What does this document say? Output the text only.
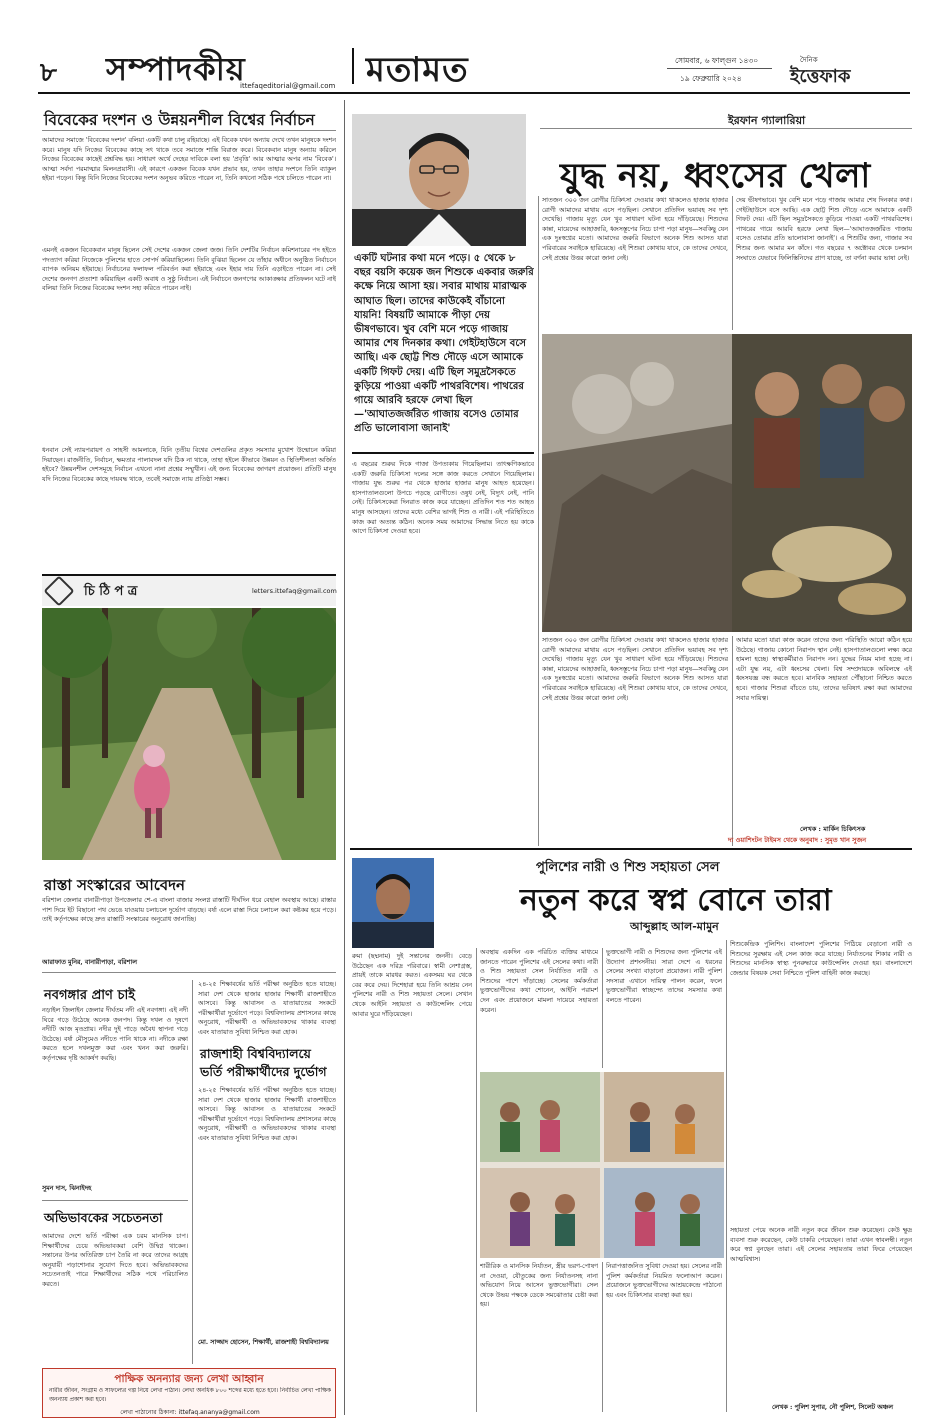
৮ সম্পাদকীয়
ittefaqeditorial@gmail.com মতামত	সোমবার, ৬ ফাল্গুন ১৪৩০
১৯ ফেব্রুয়ারি ২০২৪
দৈনিক
ইত্তেফাক
বিবেকের দংশন ও উন্নয়নশীল বিশ্বের নির্বাচন
আমাদের সমাজে 'বিবেকের দংশন' বলিয়া একটি কথা চালু রহিয়াছে। এই বিবেক যখন অন্যায় দেখে তখন মানুষকে দংশন করে। মানুষ যদি নিজের বিবেকের কাছে সৎ থাকে তবে সমাজে শান্তি বিরাজ করে। বিবেকবান মানুষ অন্যায় করিলে নিজের বিবেকের কাছেই প্রশ্নবিদ্ধ হয়। সাধারণ অর্থে দেহের দাবিকে বলা হয় 'প্রবৃত্তি' আর আত্মার অপর নাম 'বিবেক'। আত্মা সর্বদা পরমাত্মার মিলনপ্রয়াসী। এই কারণে একজন বিবেক যখন প্রভাব হয়, তখন তাহার দংশনে তিনি ব্যাকুল হইয়া পড়েন। কিন্তু যিনি নিজের বিবেকের দংশন অনুভব করিতে পারেন না, তিনি কখনো সঠিক পথে চলিতে পারেন না।
এমনই একজন বিবেকবান মানুষ ছিলেন সেই দেশের একজন জেলা জজ। তিনি দেশটির নির্বাচন কমিশনারের পদ হইতে পদত্যাগ করিয়া নিজেকে পুলিশের হাতে সোপর্দ করিয়াছিলেন। তিনি বুঝিয়া ছিলেন যে তাঁহার অধীনে অনুষ্ঠিত নির্বাচনে ব্যাপক অনিয়ম হইয়াছে। নির্বাচনের ফলাফল পরিবর্তন করা হইয়াছে এবং ইহার দায় তিনি এড়াইতে পারেন না। সেই দেশের জনগণ প্রত্যাশা করিয়াছিল একটি অবাধ ও সুষ্ঠু নির্বাচন। এই নির্বাচনে জনগণের আকাঙ্ক্ষার প্রতিফলন ঘটে নাই বলিয়া তিনি নিজের বিবেকের দংশন সহ্য করিতে পারেন নাই।
ধনবান সেই ন্যায়পরায়ণ ও সাহসী আমলাকে, যিনি তৃতীয় বিশ্বের দেশগুলির প্রকৃত সমস্যার মুখোশ উন্মোচন করিয়া দিয়াছেন। রাজনীতি, নির্বাচন, ক্ষমতার পালাবদল যদি ঠিক না থাকে, তাহা হইলে কীভাবে উন্নয়ন ও স্থিতিশীলতা অর্জিত হইবে? উন্নয়নশীল দেশসমূহে নির্বাচন এখনো নানা প্রশ্নের সম্মুখীন। এই জন্য বিবেকের জাগরণ প্রয়োজন। প্রতিটি মানুষ যদি নিজের বিবেকের কাছে দায়বদ্ধ থাকে, তবেই সমাজে ন্যায় প্রতিষ্ঠা সম্ভব।
চি ঠি প ত্র	letters.ittefaq@gmail.com
রাস্তা সংস্কারের আবেদন
বরিশাল জেলার বানারীপাড়া উপজেলার শে-এ বাংলা বাজার সংলগ্ন রাস্তাটি দীর্ঘদিন ধরে বেহাল অবস্থায় আছে। রাস্তার পাশ দিয়ে ইট বিছানো পথ ভেঙে যাওয়ায় চলাচলে দুর্ভোগ বাড়ছে। বর্ষা এলে রাস্তা দিয়ে চলাচল করা কষ্টকর হয়ে পড়ে। তাই কর্তৃপক্ষের কাছে দ্রুত রাস্তাটি সংস্কারের অনুরোধ জানাচ্ছি।
আরাফাত মুনির, বানারীপাড়া, বরিশাল
নবগঙ্গার প্রাণ চাই
নড়াইল জিলাইন জেলার দীর্ঘতম নদী এই নবগঙ্গা। এই নদী ঘিরে গড়ে উঠেছে অনেক জনপদ। কিন্তু দখল ও দূষণে নদীটি আজ মৃতপ্রায়। নদীর দুই পাড়ে অবৈধ স্থাপনা গড়ে উঠেছে। বর্ষা মৌসুমেও নদীতে পানি থাকে না। নদীকে রক্ষা করতে হলে দখলমুক্ত করা এবং খনন করা জরুরি। কর্তৃপক্ষের দৃষ্টি আকর্ষণ করছি।
সুমন দাস, ঝিনাইদহ
অভিভাবকের সচেতনতা
আমাদের দেশে ভর্তি পরীক্ষা এক চরম মানসিক চাপ। শিক্ষার্থীদের চেয়ে অভিভাবকরা বেশি উদ্বিগ্ন থাকেন। সন্তানের উপর অতিরিক্ত চাপ তৈরি না করে তাদের আগ্রহ অনুযায়ী পড়াশোনার সুযোগ দিতে হবে। অভিভাবকদের সচেতনতাই পারে শিক্ষার্থীদের সঠিক পথে পরিচালিত করতে।
২৪-২৫ শিক্ষাবর্ষের ভর্তি পরীক্ষা অনুষ্ঠিত হতে যাচ্ছে। সারা দেশ থেকে হাজার হাজার শিক্ষার্থী রাজশাহীতে আসবে। কিন্তু আবাসন ও যাতায়াতের সংকটে পরীক্ষার্থীরা দুর্ভোগে পড়ে। বিশ্ববিদ্যালয় প্রশাসনের কাছে অনুরোধ, পরীক্ষার্থী ও অভিভাবকদের থাকার ব্যবস্থা এবং যাতায়াত সুবিধা নিশ্চিত করা হোক।
রাজশাহী বিশ্ববিদ্যালয়ে
ভর্তি পরীক্ষার্থীদের দুর্ভোগ
২৪-২৫ শিক্ষাবর্ষের ভর্তি পরীক্ষা অনুষ্ঠিত হতে যাচ্ছে। সারা দেশ থেকে হাজার হাজার শিক্ষার্থী রাজশাহীতে আসবে। কিন্তু আবাসন ও যাতায়াতের সংকটে পরীক্ষার্থীরা দুর্ভোগে পড়ে। বিশ্ববিদ্যালয় প্রশাসনের কাছে অনুরোধ, পরীক্ষার্থী ও অভিভাবকদের থাকার ব্যবস্থা এবং যাতায়াত সুবিধা নিশ্চিত করা হোক।
মো. সাজ্জাদ হোসেন, শিক্ষার্থী, রাজশাহী বিশ্ববিদ্যালয়
পাক্ষিক অনন্যার জন্য লেখা আহ্বান
নারীর জীবন, সংগ্রাম ও সাফল্যের গল্প নিয়ে লেখা পাঠান। লেখা অনধিক ৮০০ শব্দের মধ্যে হতে হবে। নির্বাচিত লেখা পাক্ষিক অনন্যায় প্রকাশ করা হবে।
লেখা পাঠানোর ঠিকানা: ittefaq.ananya@gmail.com
ইরফান গ্যালারিয়া
যুদ্ধ নয়, ধ্বংসের খেলা
একটি ঘটনার কথা মনে পড়ে। ৫ থেকে ৮ বছর বয়সি কয়েক জন শিশুকে একবার জরুরি কক্ষে নিয়ে আসা হয়। সবার মাথায় মারাত্মক আঘাত ছিল। তাদের কাউকেই বাঁচানো যায়নি! বিষয়টি আমাকে পীড়া দেয় ভীষণভাবে। খুব বেশি মনে পড়ে গাজায় আমার শেষ দিনকার কথা। গেইটহাউসে বসে আছি। এক ছোট্ট শিশু দৌড়ে এসে আমাকে একটি গিফট দেয়। এটি ছিল সমুদ্রসৈকতে কুড়িয়ে পাওয়া একটি পাথরবিশেষ। পাথরের গায়ে আরবি হরফে লেখা ছিল—'আঘাতজর্জরিত গাজায় বসেও তোমার প্রতি ভালোবাসা জানাই'
এ বছরের শুরুর দিকে গাজা উপত্যকায় গিয়েছিলাম। তাৎক্ষণিকভাবে একটি জরুরি চিকিৎসা দলের সঙ্গে কাজ করতে সেখানে গিয়েছিলাম। গাজায় যুদ্ধ শুরুর পর থেকে হাজার হাজার মানুষ আহত হয়েছেন। হাসপাতালগুলো উপচে পড়ছে রোগীতে। ওষুধ নেই, বিদ্যুৎ নেই, পানি নেই। চিকিৎসকেরা দিনরাত কাজ করে যাচ্ছেন। প্রতিদিন শত শত আহত মানুষ আসছেন। তাদের মধ্যে বেশির ভাগই শিশু ও নারী। এই পরিস্থিতিতে কাজ করা অত্যন্ত কঠিন। অনেক সময় আমাদের সিদ্ধান্ত নিতে হয় কাকে আগে চিকিৎসা দেওয়া হবে।
সাতজন ৩০০ জন রোগীর চিকিৎসা দেওয়ার কথা থাকলেও হাজার হাজার রোগী আমাদের মাথায় এসে পড়ছিল। সেখানে প্রতিদিন ভয়াবহ সব দৃশ্য দেখেছি। গাজায় মৃত্যু যেন খুব সাধারণ ঘটনা হয়ে দাঁড়িয়েছে। শিশুদের কান্না, মায়েদের আহাজারি, ধ্বংসস্তূপের নিচে চাপা পড়া মানুষ—সবকিছু যেন এক দুঃস্বপ্নের মতো। আমাদের জরুরি বিভাগে অনেক শিশু আসত যারা পরিবারের সবাইকে হারিয়েছে। এই শিশুরা কোথায় যাবে, কে তাদের দেখবে, সেই প্রশ্নের উত্তর কারো জানা নেই।
দেয় ভীষণভাবে। খুব বেশি মনে পড়ে গাজায় আমার শেষ দিনকার কথা। গেইটহাউসে বসে আছি। এক ছোট্ট শিশু দৌড়ে এসে আমাকে একটি গিফট দেয়। এটি ছিল সমুদ্রসৈকতে কুড়িয়ে পাওয়া একটি পাথরবিশেষ। পাথরের গায়ে আরবি হরফে লেখা ছিল—'আঘাতজর্জরিত গাজায় বসেও তোমার প্রতি ভালোবাসা জানাই'। এ শিশুটির জন্য, গাজার সব শিশুর জন্য আমার মন কাঁদে। গত বছরের ৭ অক্টোবর থেকে চলমান সংঘাতে যেভাবে ফিলিস্তিনিদের প্রাণ যাচ্ছে, তা বর্ণনা করার ভাষা নেই।
সাতজন ৩০০ জন রোগীর চিকিৎসা দেওয়ার কথা থাকলেও হাজার হাজার রোগী আমাদের মাথায় এসে পড়ছিল। সেখানে প্রতিদিন ভয়াবহ সব দৃশ্য দেখেছি। গাজায় মৃত্যু যেন খুব সাধারণ ঘটনা হয়ে দাঁড়িয়েছে। শিশুদের কান্না, মায়েদের আহাজারি, ধ্বংসস্তূপের নিচে চাপা পড়া মানুষ—সবকিছু যেন এক দুঃস্বপ্নের মতো। আমাদের জরুরি বিভাগে অনেক শিশু আসত যারা পরিবারের সবাইকে হারিয়েছে। এই শিশুরা কোথায় যাবে, কে তাদের দেখবে, সেই প্রশ্নের উত্তর কারো জানা নেই।
আমার মতো যারা কাজ করেন তাদের জন্য পরিস্থিতি আরো কঠিন হয়ে উঠেছে। গাজায় কোনো নিরাপদ স্থান নেই। হাসপাতালগুলো লক্ষ্য করে হামলা হচ্ছে। স্বাস্থ্যকর্মীরাও নিরাপদ নন। যুদ্ধের নিয়ম মানা হচ্ছে না। এটা যুদ্ধ নয়, এটা ধ্বংসের খেলা। বিশ্ব সম্প্রদায়কে অবিলম্বে এই ধ্বংসযজ্ঞ বন্ধ করতে হবে। মানবিক সহায়তা পৌঁছানো নিশ্চিত করতে হবে। গাজার শিশুরা বাঁচতে চায়, তাদের ভবিষ্যৎ রক্ষা করা আমাদের সবার দায়িত্ব।
লেখক : মার্কিন চিকিৎসক
দ্য ওয়াশিংটন টাইমস থেকে অনুবাদ : সুমৃত খান সুজন
পুলিশের নারী ও শিশু সহায়তা সেল
নতুন করে স্বপ্ন বোনে তারা
আব্দুল্লাহ আল-মামুন
রুমা (ছদ্মনাম) দুই সন্তানের জননী। বেড়ে উঠেছেন এক দরিদ্র পরিবারে। স্বামী নেশাগ্রস্ত, প্রায়ই তাকে মারধর করত। একসময় ঘর থেকে বের করে দেয়। দিশেহারা হয়ে তিনি আশ্রয় নেন পুলিশের নারী ও শিশু সহায়তা সেলে। সেখান থেকে আইনি সহায়তা ও কাউন্সেলিং পেয়ে আবার ঘুরে দাঁড়িয়েছেন।
অবস্থায় একদিন এক পরিচিত ব্যক্তির মাধ্যমে জানতে পারেন পুলিশের এই সেলের কথা। নারী ও শিশু সহায়তা সেল নির্যাতিত নারী ও শিশুদের পাশে দাঁড়াচ্ছে। সেলের কর্মকর্তারা ভুক্তভোগীদের কথা শোনেন, আইনি পরামর্শ দেন এবং প্রয়োজনে মামলা দায়েরে সহায়তা করেন।
ভুক্তভোগী নারী ও শিশুদের জন্য পুলিশের এই উদ্যোগ প্রশংসনীয়। সারা দেশে এ ধরনের সেলের সংখ্যা বাড়ানো প্রয়োজন। নারী পুলিশ সদস্যরা এখানে দায়িত্ব পালন করেন, ফলে ভুক্তভোগীরা স্বাচ্ছন্দ্যে তাদের সমস্যার কথা বলতে পারেন।
শিশুকেন্দ্রিক পুলিশিং। বাংলাদেশ পুলিশের পিঠিয়ে বেড়ানো নারী ও শিশুদের সুরক্ষায় এই সেল কাজ করে যাচ্ছে। নির্যাতনের শিকার নারী ও শিশুদের মানসিক স্বাস্থ্য পুনরুদ্ধারে কাউন্সেলিং দেওয়া হয়। বাংলাদেশে জেন্ডার বিষয়ক সেবা নিশ্চিতে পুলিশ বাহিনী কাজ করছে।
শারীরিক ও মানসিক নির্যাতন, স্ত্রীর ভরণ-পোষণ না দেওয়া, যৌতুকের জন্য নির্যাতনসহ নানা অভিযোগ নিয়ে আসেন ভুক্তভোগীরা। সেল থেকে উভয় পক্ষকে ডেকে সমঝোতার চেষ্টা করা হয়।
নিরাপত্তাজনিত সুবিধা দেওয়া হয়। সেলের নারী পুলিশ কর্মকর্তারা নিয়মিত ফলোআপ করেন। প্রয়োজনে ভুক্তভোগীদের আশ্রয়কেন্দ্রে পাঠানো হয় এবং চিকিৎসার ব্যবস্থা করা হয়।
সহায়তা পেয়ে অনেক নারী নতুন করে জীবন শুরু করেছেন। কেউ ক্ষুদ্র ব্যবসা শুরু করেছেন, কেউ চাকরি পেয়েছেন। তারা এখন স্বাবলম্বী। নতুন করে স্বপ্ন বুনছেন তারা। এই সেলের সহায়তায় তারা ফিরে পেয়েছেন আত্মবিশ্বাস।
লেখক : পুলিশ সুপার, নৌ পুলিশ, সিলেট অঞ্চল
